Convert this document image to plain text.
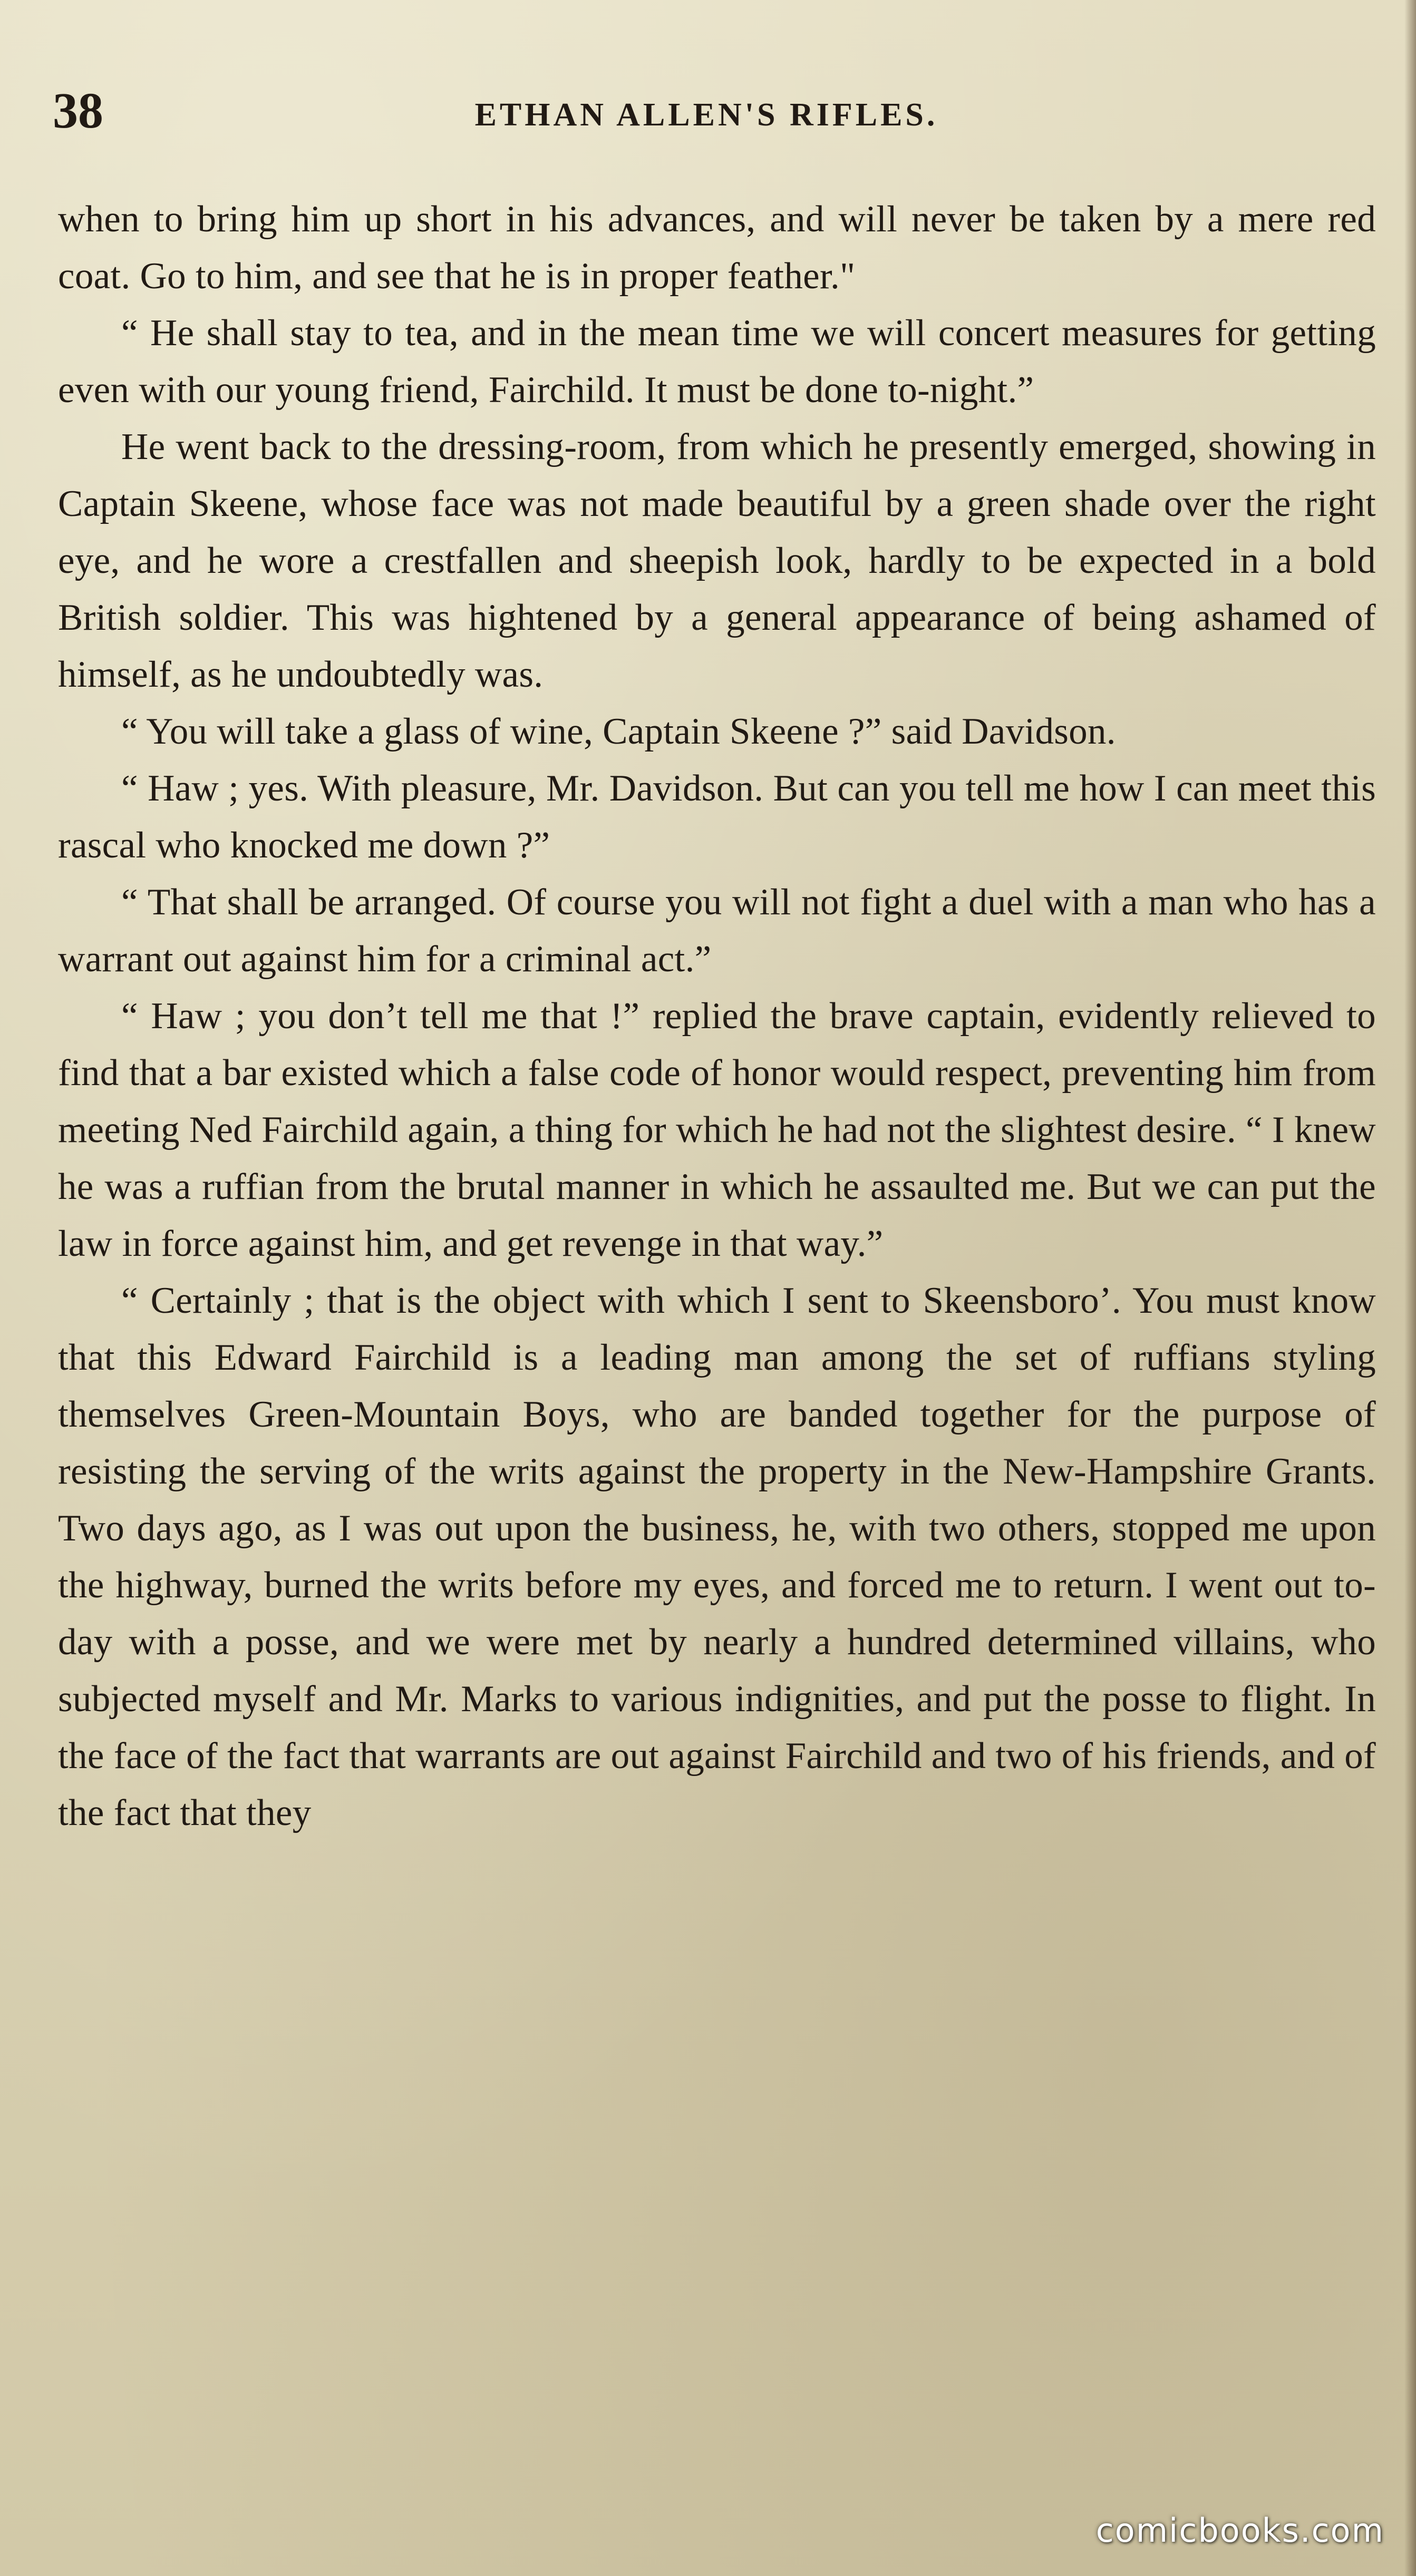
38	ETHAN ALLEN'S RIFLES.

when to bring him up short in his advances, and will never be taken by a mere red coat. Go to him, and see that he is in proper feather."

“ He shall stay to tea, and in the mean time we will concert measures for getting even with our young friend, Fairchild. It must be done to-night.”

He went back to the dressing-room, from which he presently emerged, showing in Captain Skeene, whose face was not made beautiful by a green shade over the right eye, and he wore a crestfallen and sheepish look, hardly to be expected in a bold British soldier. This was hightened by a general appearance of being ashamed of himself, as he undoubtedly was.

“ You will take a glass of wine, Captain Skeene ?” said Davidson.

“ Haw ; yes. With pleasure, Mr. Davidson. But can you tell me how I can meet this rascal who knocked me down ?”

“ That shall be arranged. Of course you will not fight a duel with a man who has a warrant out against him for a criminal act.”

“ Haw ; you don’t tell me that !” replied the brave captain, evidently relieved to find that a bar existed which a false code of honor would respect, preventing him from meeting Ned Fairchild again, a thing for which he had not the slightest desire. “ I knew he was a ruffian from the brutal manner in which he assaulted me. But we can put the law in force against him, and get revenge in that way.”

“ Certainly ; that is the object with which I sent to Skeensboro’. You must know that this Edward Fairchild is a leading man among the set of ruffians styling themselves Green-Mountain Boys, who are banded together for the purpose of resisting the serving of the writs against the property in the New-Hampshire Grants. Two days ago, as I was out upon the business, he, with two others, stopped me upon the highway, burned the writs before my eyes, and forced me to return. I went out to-day with a posse, and we were met by nearly a hundred determined villains, who subjected myself and Mr. Marks to various indignities, and put the posse to flight. In the face of the fact that warrants are out against Fairchild and two of his friends, and of the fact that they

comicbooks.com
